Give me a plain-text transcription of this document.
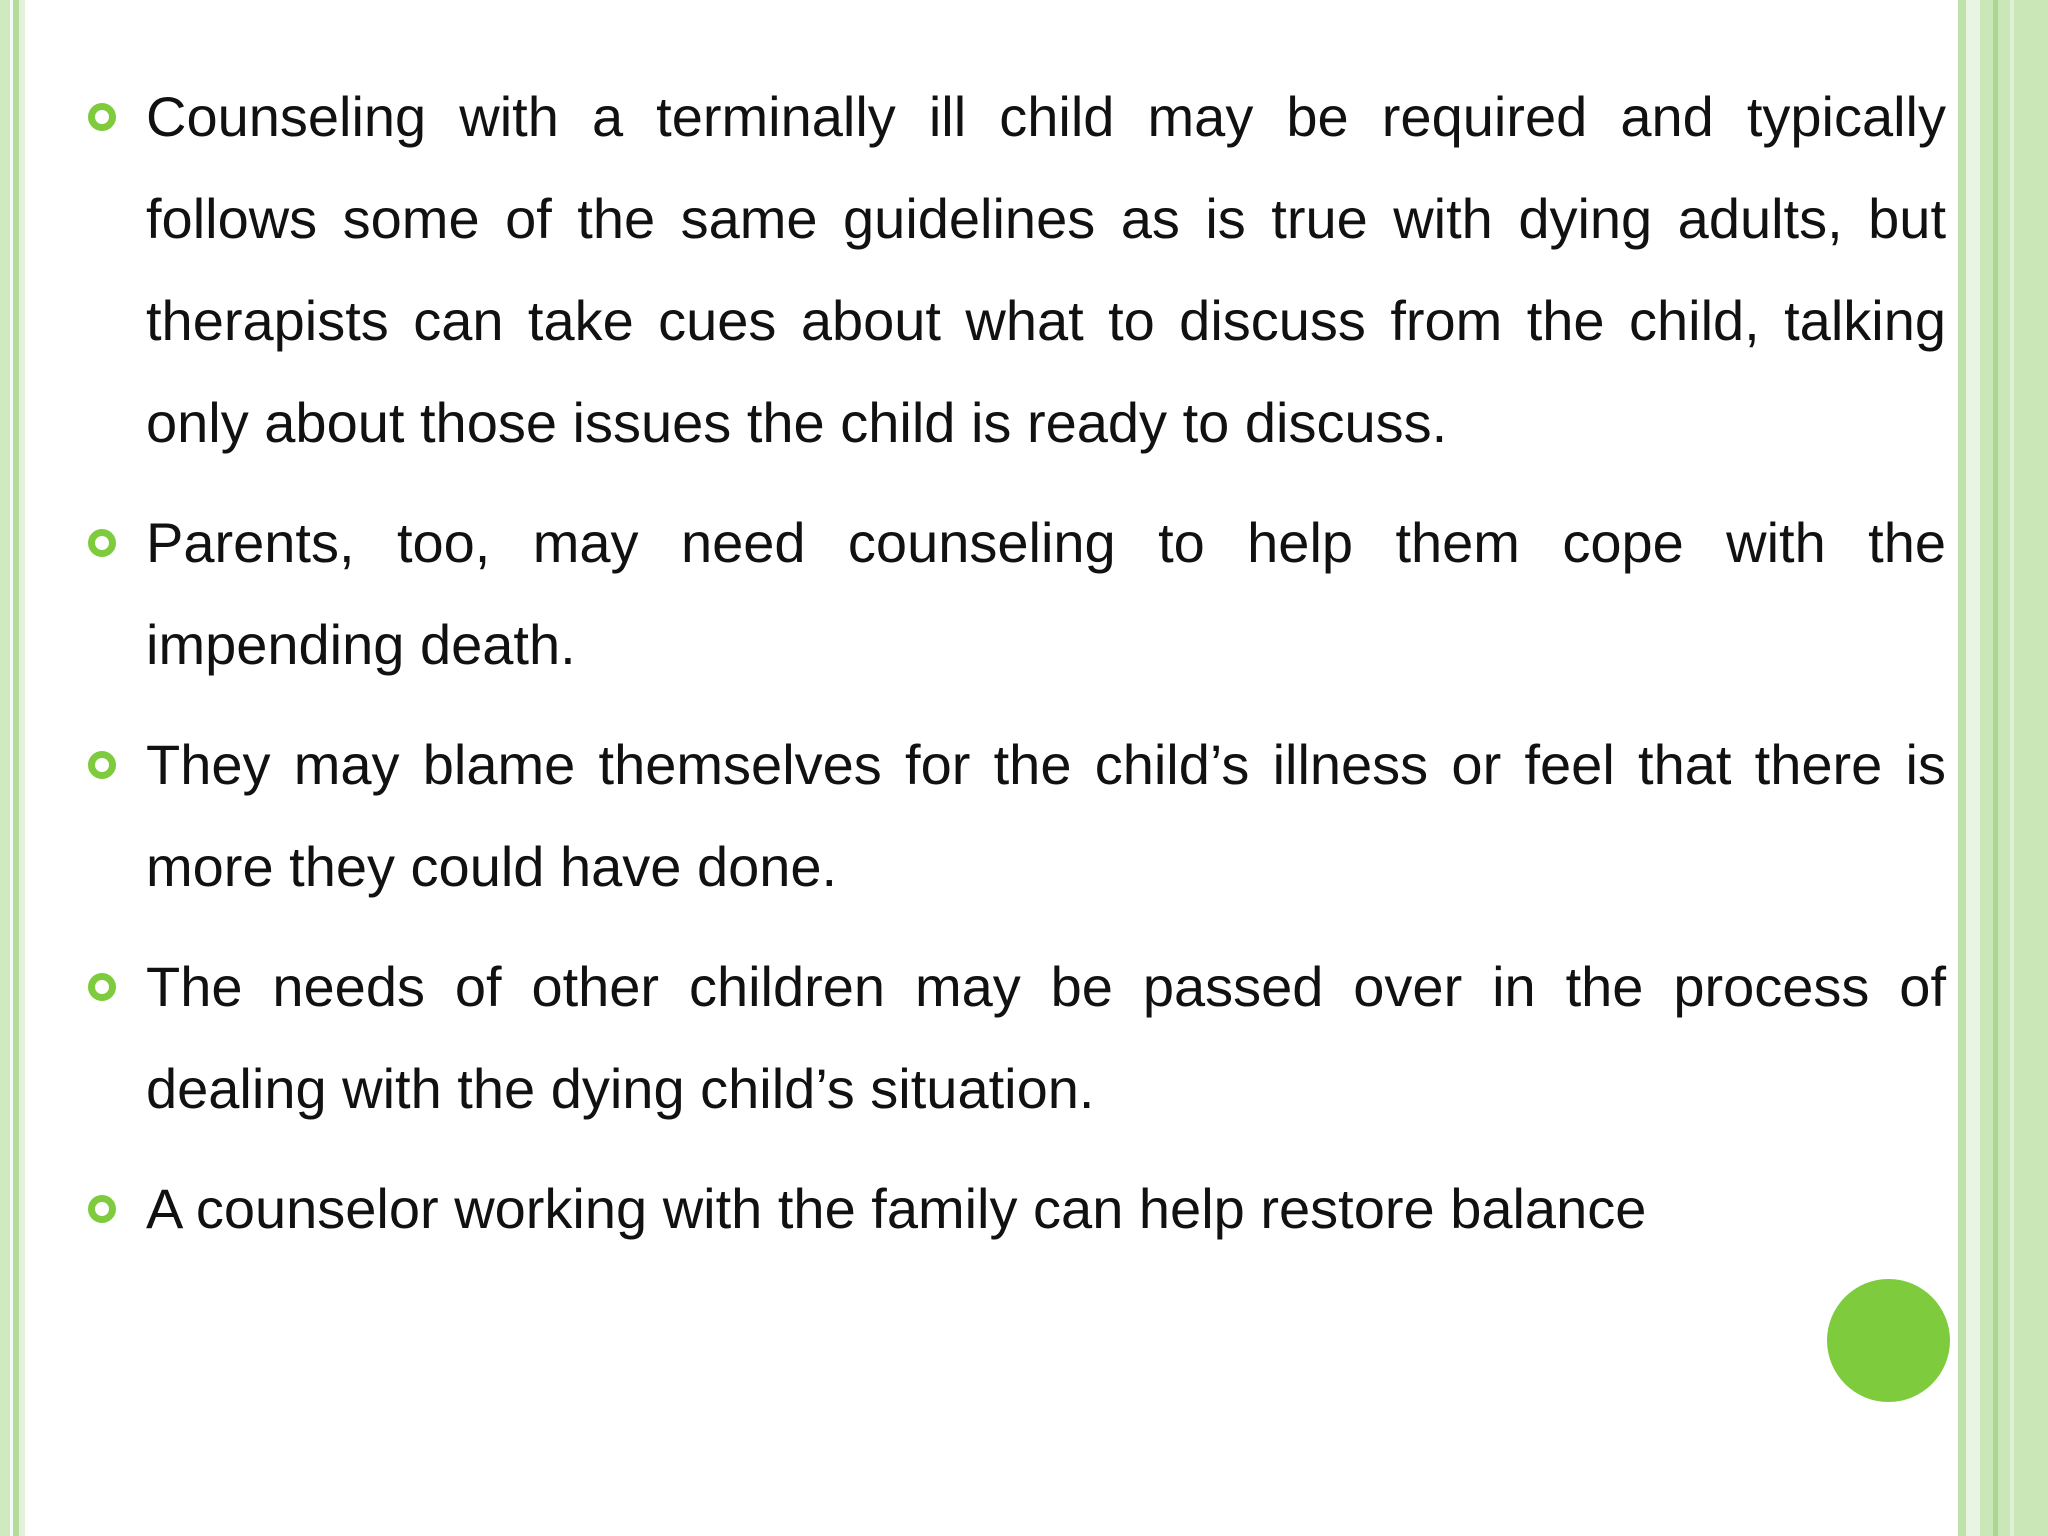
Counseling with a terminally ill child may be required and typically follows some of the same guidelines as is true with dying adults, but therapists can take cues about what to discuss from the child, talking only about those issues the child is ready to discuss.
Parents, too, may need counseling to help them cope with the impending death.
They may blame themselves for the child’s illness or feel that there is more they could have done.
The needs of other children may be passed over in the process of dealing with the dying child’s situation.
A counselor working with the family can help restore balance
